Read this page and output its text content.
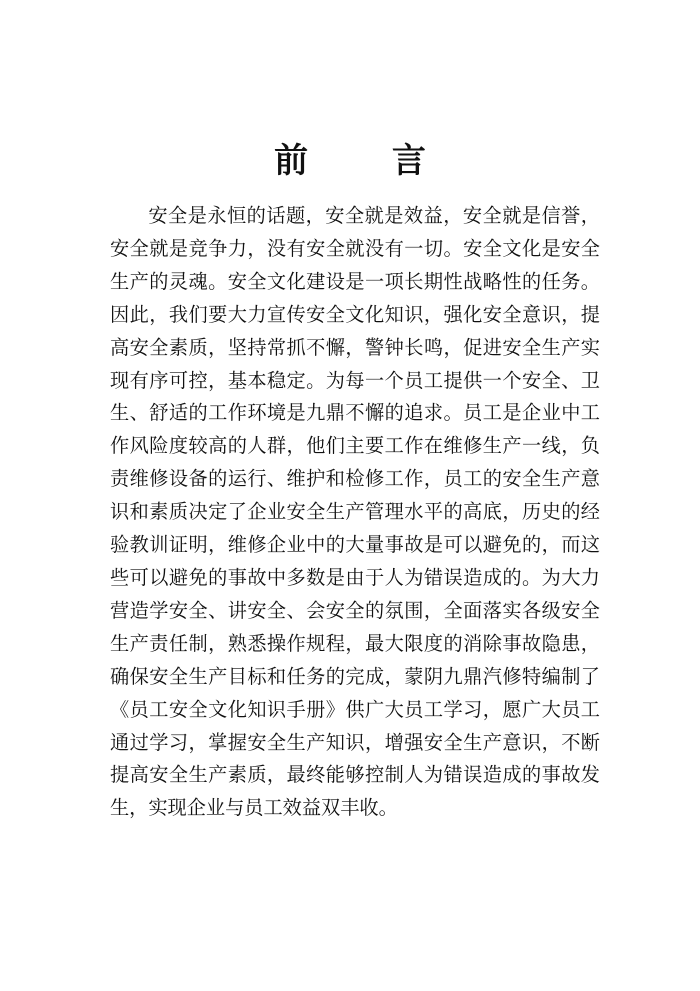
前 言

安全是永恒的话题，安全就是效益，安全就是信誉，安全就是竞争力，没有安全就没有一切。安全文化是安全生产的灵魂。安全文化建设是一项长期性战略性的任务。因此，我们要大力宣传安全文化知识，强化安全意识，提高安全素质，坚持常抓不懈，警钟长鸣，促进安全生产实现有序可控，基本稳定。为每一个员工提供一个安全、卫生、舒适的工作环境是九鼎不懈的追求。员工是企业中工作风险度较高的人群，他们主要工作在维修生产一线，负责维修设备的运行、维护和检修工作，员工的安全生产意识和素质决定了企业安全生产管理水平的高底，历史的经验教训证明，维修企业中的大量事故是可以避免的，而这些可以避免的事故中多数是由于人为错误造成的。为大力营造学安全、讲安全、会安全的氛围，全面落实各级安全生产责任制，熟悉操作规程，最大限度的消除事故隐患，确保安全生产目标和任务的完成，蒙阴九鼎汽修特编制了《员工安全文化知识手册》供广大员工学习，愿广大员工通过学习，掌握安全生产知识，增强安全生产意识，不断提高安全生产素质，最终能够控制人为错误造成的事故发生，实现企业与员工效益双丰收。
